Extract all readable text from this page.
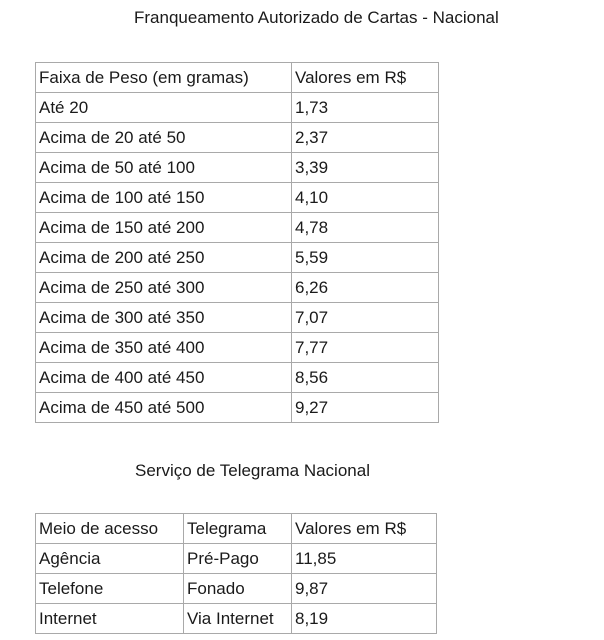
Franqueamento Autorizado de Cartas - Nacional
Faixa de Peso (em gramas)	Valores em R$
Até 20	1,73
Acima de 20 até 50	2,37
Acima de 50 até 100	3,39
Acima de 100 até 150	4,10
Acima de 150 até 200	4,78
Acima de 200 até 250	5,59
Acima de 250 até 300	6,26
Acima de 300 até 350	7,07
Acima de 350 até 400	7,77
Acima de 400 até 450	8,56
Acima de 450 até 500	9,27
Serviço de Telegrama Nacional
Meio de acesso	Telegrama	Valores em R$
Agência	Pré-Pago	11,85
Telefone	Fonado	9,87
Internet	Via Internet	8,19
